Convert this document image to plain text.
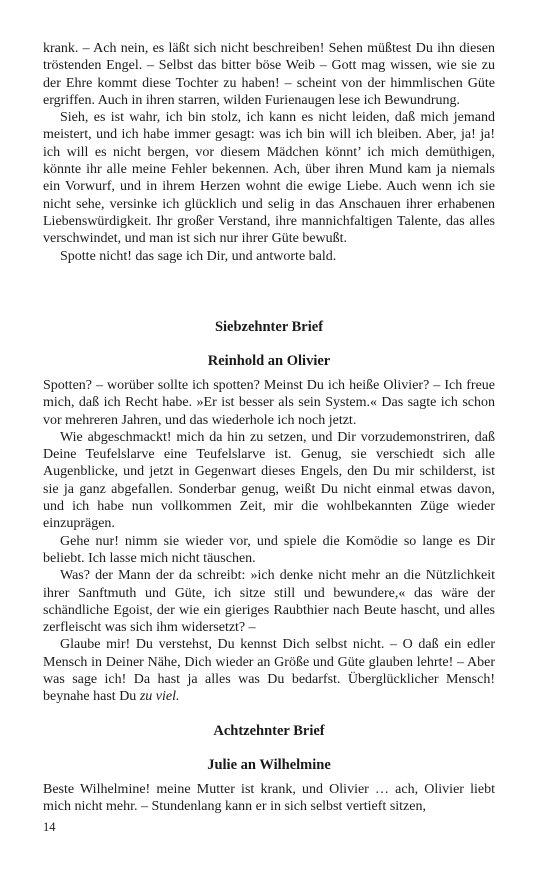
krank. – Ach nein, es läßt sich nicht beschreiben! Sehen müßtest Du ihn diesen tröstenden Engel. – Selbst das bitter böse Weib – Gott mag wissen, wie sie zu der Ehre kommt diese Tochter zu haben! – scheint von der himmlischen Güte ergriffen. Auch in ihren starren, wilden Furienaugen lese ich Bewundrung.

Sieh, es ist wahr, ich bin stolz, ich kann es nicht leiden, daß mich jemand meistert, und ich habe immer gesagt: was ich bin will ich bleiben. Aber, ja! ja! ich will es nicht bergen, vor diesem Mädchen könnt’ ich mich demüthigen, könnte ihr alle meine Fehler bekennen. Ach, über ihren Mund kam ja niemals ein Vorwurf, und in ihrem Herzen wohnt die ewige Liebe. Auch wenn ich sie nicht sehe, versinke ich glücklich und selig in das Anschauen ihrer erhabenen Liebenswürdigkeit. Ihr großer Verstand, ihre mannichfaltigen Talente, das alles verschwindet, und man ist sich nur ihrer Güte bewußt.

Spotte nicht! das sage ich Dir, und antworte bald.

Siebzehnter Brief
Reinhold an Olivier

Spotten? – worüber sollte ich spotten? Meinst Du ich heiße Olivier? – Ich freue mich, daß ich Recht habe. »Er ist besser als sein System.« Das sagte ich schon vor mehreren Jahren, und das wiederhole ich noch jetzt.

Wie abgeschmackt! mich da hin zu setzen, und Dir vorzudemonstriren, daß Deine Teufelslarve eine Teufelslarve ist. Genug, sie verschiedt sich alle Augenblicke, und jetzt in Gegenwart dieses Engels, den Du mir schilderst, ist sie ja ganz abgefallen. Sonderbar genug, weißt Du nicht einmal etwas davon, und ich habe nun vollkommen Zeit, mir die wohlbekannten Züge wieder einzuprägen.

Gehe nur! nimm sie wieder vor, und spiele die Komödie so lange es Dir beliebt. Ich lasse mich nicht täuschen.

Was? der Mann der da schreibt: »ich denke nicht mehr an die Nützlichkeit ihrer Sanftmuth und Güte, ich sitze still und bewundere,« das wäre der schändliche Egoist, der wie ein gieriges Raubthier nach Beute hascht, und alles zerfleischt was sich ihm widersetzt? –

Glaube mir! Du verstehst, Du kennst Dich selbst nicht. – O daß ein edler Mensch in Deiner Nähe, Dich wieder an Größe und Güte glauben lehrte! – Aber was sage ich! Da hast ja alles was Du bedarfst. Überglücklicher Mensch! beynahe hast Du zu viel.

Achtzehnter Brief
Julie an Wilhelmine

Beste Wilhelmine! meine Mutter ist krank, und Olivier … ach, Olivier liebt mich nicht mehr. – Stundenlang kann er in sich selbst vertieft sitzen,

14
